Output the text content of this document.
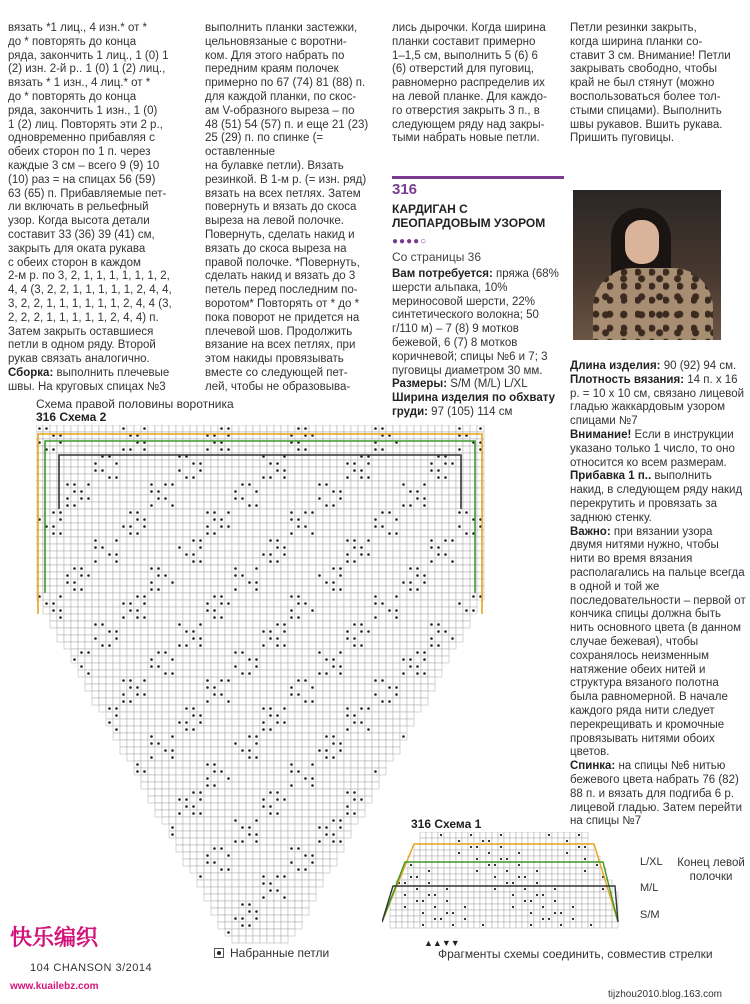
вязать *1 лиц., 4 изн.* от *
до * повторять до конца
ряда, закончить 1 лиц., 1 (0) 1
(2) изн. 2-й р.. 1 (0) 1 (2) лиц.,
вязать * 1 изн., 4 лиц.* от *
до * повторять до конца
ряда, закончить 1 изн., 1 (0)
1 (2) лиц. Повторять эти 2 р.,
одновременно прибавляя с
обеих сторон по 1 п. через
каждые 3 см – всего 9 (9) 10
(10) раз = на спицах 56 (59)
63 (65) п. Прибавляемые пет-
ли включать в рельефный
узор. Когда высота детали
составит 33 (36) 39 (41) см,
закрыть для оката рукава
с обеих сторон в каждом
2-м р. по 3, 2, 1, 1, 1, 1, 1, 1, 2,
4, 4 (3, 2, 2, 1, 1, 1, 1, 1, 2, 4, 4,
3, 2, 2, 1, 1, 1, 1, 1, 1, 2, 4, 4 (3,
2, 2, 2, 1, 1, 1, 1, 1, 2, 4, 4) п.
Затем закрыть оставшиеся
петли в одном ряду. Второй
рукав связать аналогично.

Сборка: выполнить плечевые
швы. На круговых спицах №3

выполнить планки застежки,
цельновязаные с воротни-
ком. Для этого набрать по
передним краям полочек
примерно по 67 (74) 81 (88) п.
для каждой планки, по скос-
ам V-образного выреза – по
48 (51) 54 (57) п. и еще 21 (23)
25 (29) п. по спинке (= оставленные
на булавке петли). Вязать
резинкой. В 1-м р. (= изн. ряд)
вязать на всех петлях. Затем
повернуть и вязать до скоса
выреза на левой полочке.
Повернуть, сделать накид и
вязать до скоса выреза на
правой полочке. *Повернуть,
сделать накид и вязать до 3
петель перед последним по-
воротом* Повторять от * до *
пока поворот не придется на
плечевой шов. Продолжить
вязание на всех петлях, при
этом накиды провязывать
вместе со следующей пет-
лей, чтобы не образовыва-
лись дырочки. Когда ширина
планки составит примерно
1–1,5 см, выполнить 5 (6) 6
(6) отверстий для пуговиц,
равномерно распределив их
на левой планке. Для каждо-
го отверстия закрыть 3 п., в
следующем ряду над закры-
тыми набрать новые петли.
Петли резинки закрыть,
когда ширина планки со-
ставит 3 см. Внимание! Петли
закрывать свободно, чтобы
край не был стянут (можно
воспользоваться более тол-
стыми спицами). Выполнить
швы рукавов. Вшить рукава.
Пришить пуговицы.
316
КАРДИГАН С ЛЕОПАРДОВЫМ УЗОРОМ
●●●●○
Со страницы 36

Вам потребуется: пряжа (68% шерсти альпака, 10% мериносовой шерсти, 22% синтетического волокна; 50 г/110 м) – 7 (8) 9 мотков бежевой, 6 (7) 8 мотков коричневой; спицы №6 и 7; 3 пуговицы диаметром 30 мм.

Размеры: S/M (M/L) L/XL

Ширина изделия по обхвату груди: 97 (105) 114 см

Длина изделия: 90 (92) 94 см.

Плотность вязания: 14 п. х 16 р. = 10 х 10 см, связано лицевой гладью жаккардовым узором спицами №7

Внимание! Если в инструкции указано только 1 число, то оно относится ко всем размерам.

Прибавка 1 п.. выполнить накид, в следующем ряду накид перекрутить и провязать за заднюю стенку.

Важно: при вязании узора двумя нитями нужно, чтобы нити во время вязания располагались на пальце всегда в одной и той же последовательности – первой от кончика спицы должна быть нить основного цвета (в данном случае бежевая), чтобы сохранялось неизменным натяжение обеих нитей и структура вязаного полотна была равномерной. В начале каждого ряда нити следует перекрещивать и кромочные провязывать нитями обоих цветов.

Спинка: на спицы №6 нитью бежевого цвета набрать 76 (82) 88 п. и вязать для подгиба 6 р. лицевой гладью. Затем перейти на спицы №7

Схема правой половины воротника
316 Схема 2
Набранные петли
316 Схема 1
L/XL
M/L
S/M
Конец левой полочки
▲▲▼▼
Фрагменты схемы соединить, совместив стрелки
快乐编织
104 CHANSON 3/2014
www.kuailebz.com
tijzhou2010.blog.163.com
